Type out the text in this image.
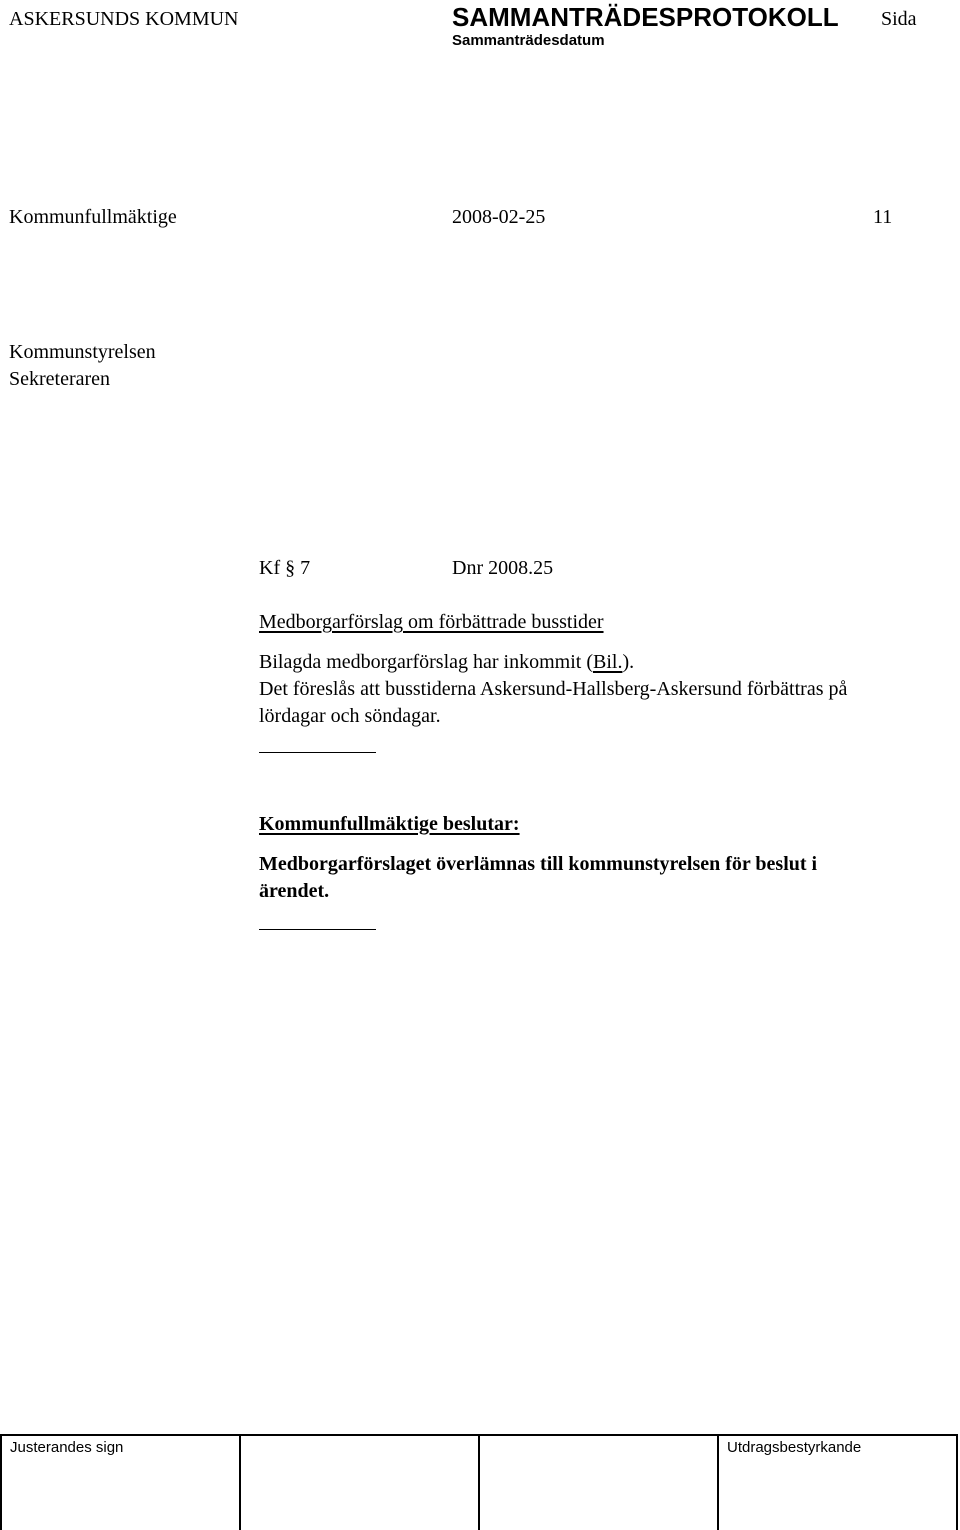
ASKERSUNDS KOMMUN	SAMMANTRÄDESPROTOKOLL Sida
Sammanträdesdatum
Kommunfullmäktige	2008-02-25	11
Kommunstyrelsen
Sekreteraren
Kf § 7	Dnr 2008.25
Medborgarförslag om förbättrade busstider
Bilagda medborgarförslag har inkommit (Bil.).
Det föreslås att busstiderna Askersund-Hallsberg-Askersund förbättras på
lördagar och söndagar.
Kommunfullmäktige beslutar:
Medborgarförslaget överlämnas till kommunstyrelsen för beslut i
ärendet.
Justerandes sign	Utdragsbestyrkande
